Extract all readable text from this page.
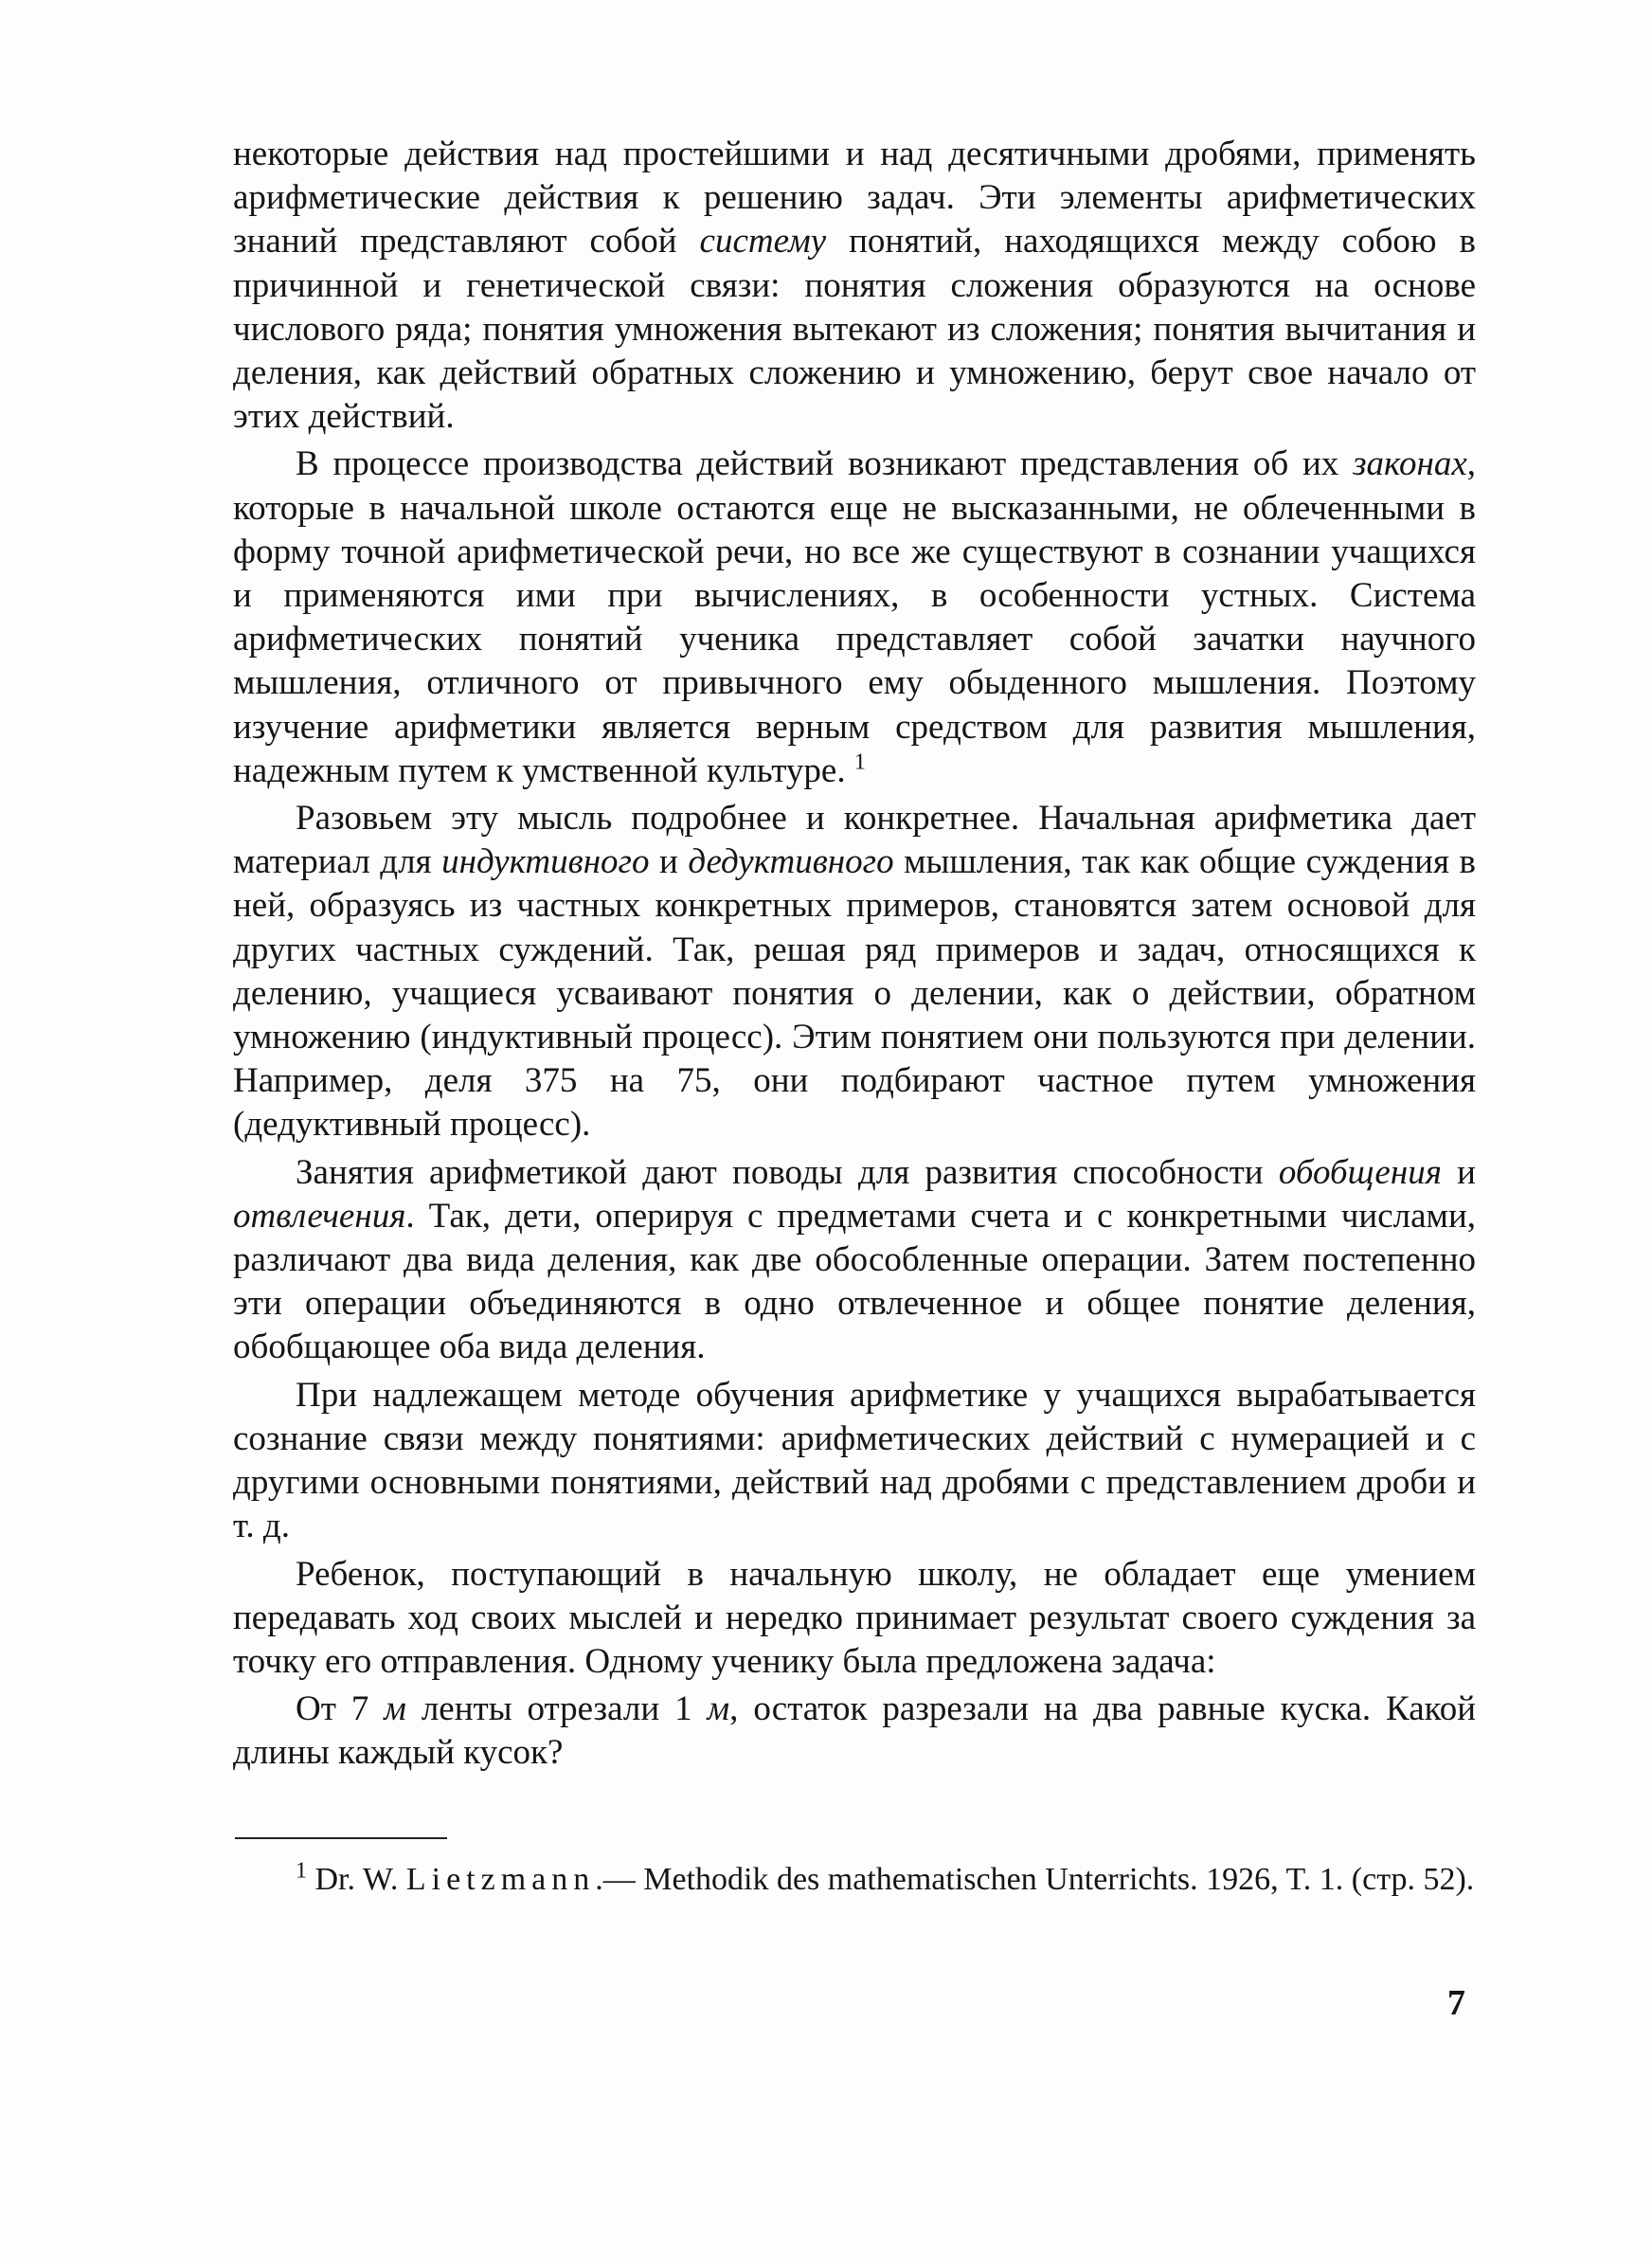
некоторые действия над простейшими и над десятичными дробями, применять арифметические действия к решению задач. Эти элементы арифметических знаний представляют собой систему понятий, находящихся между собою в причинной и генетической связи: понятия сложения образуются на основе числового ряда; понятия умножения вытекают из сложения; понятия вычитания и деления, как действий обратных сложению и умножению, берут свое начало от этих действий.

В процессе производства действий возникают представления об их законах, которые в начальной школе остаются еще не высказанными, не облеченными в форму точной арифметической речи, но все же существуют в сознании учащихся и применяются ими при вычислениях, в особенности устных. Система арифметических понятий ученика представляет собой зачатки научного мышления, отличного от привычного ему обыденного мышления. Поэтому изучение арифметики является верным средством для развития мышления, надежным путем к умственной культуре. $^1$

Разовьем эту мысль подробнее и конкретнее. Начальная арифметика дает материал для индуктивного и дедуктивного мышления, так как общие суждения в ней, образуясь из частных конкретных примеров, становятся затем основой для других частных суждений. Так, решая ряд примеров и задач, относящихся к делению, учащиеся усваивают понятия о делении, как о действии, обратном умножению (индуктивный процесс). Этим понятием они пользуются при делении. Например, деля 375 на 75, они подбирают частное путем умножения (дедуктивный процесс).

Занятия арифметикой дают поводы для развития способности обобщения и отвлечения. Так, дети, оперируя с предметами счета и с конкретными числами, различают два вида деления, как две обособленные операции. Затем постепенно эти операции объединяются в одно отвлеченное и общее понятие деления, обобщающее оба вида деления.

При надлежащем методе обучения арифметике у учащихся вырабатывается сознание связи между понятиями: арифметических действий с нумерацией и с другими основными понятиями, действий над дробями с представлением дроби и т. д.

Ребенок, поступающий в начальную школу, не обладает еще умением передавать ход своих мыслей и нередко принимает результат своего суждения за точку его отправления. Одному ученику была предложена задача:

От 7 м ленты отрезали 1 м, остаток разрезали на два равные куска. Какой длины каждый кусок?

$^1$ Dr. W. Lietzmann.— Methodik des mathematischen Unterrichts. 1926, T. 1. (стр. 52).

7
